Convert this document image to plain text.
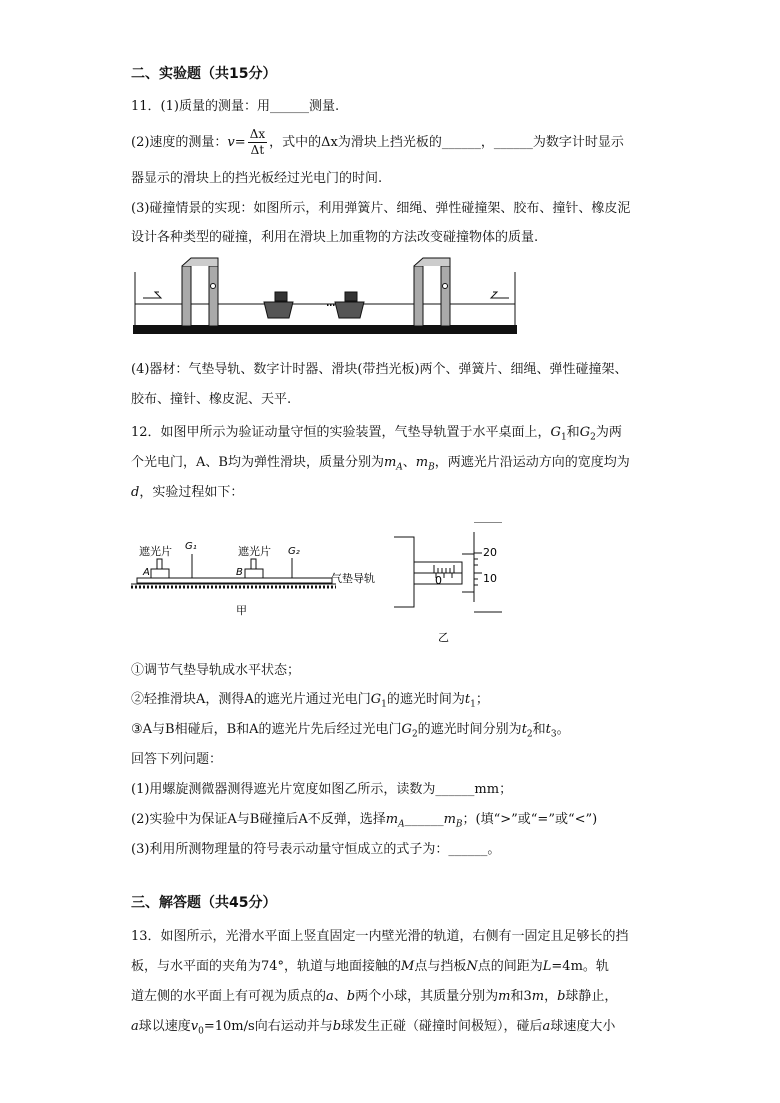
二、实验题（共15分）
11．(1)质量的测量：用______测量.
(2)速度的测量：$v= \frac{\Delta x}{\Delta t}$ ，式中的Δx为滑块上挡光板的______，______为数字计时显示
器显示的滑块上的挡光板经过光电门的时间.
(3)碰撞情景的实现：如图所示，利用弹簧片、细绳、弹性碰撞架、胶布、撞针、橡皮泥
设计各种类型的碰撞，利用在滑块上加重物的方法改变碰撞物体的质量.
(4)器材：气垫导轨、数字计时器、滑块(带挡光板)两个、弹簧片、细绳、弹性碰撞架、
胶布、撞针、橡皮泥、天平.
12．如图甲所示为验证动量守恒的实验装置，气垫导轨置于水平桌面上，$G_1$和$G_2$为两
个光电门，A、B均为弹性滑块，质量分别为$m_A$、$m_B$，两遮光片沿运动方向的宽度均为
d，实验过程如下：
遮光片	遮光片
G₁	G₂
A	B	气垫导轨
甲
0
20
10
乙
①调节气垫导轨成水平状态；
②轻推滑块A，测得A的遮光片通过光电门$G_1$的遮光时间为$t_1$；
③A与B相碰后，B和A的遮光片先后经过光电门$G_2$的遮光时间分别为$t_2$和$t_3$。
回答下列问题：
(1)用螺旋测微器测得遮光片宽度如图乙所示，读数为______mm；
(2)实验中为保证A与B碰撞后A不反弹，选择$m_A\_\_\_\_\_\_m_B$；(填“>”或“=”或“<”)
(3)利用所测物理量的符号表示动量守恒成立的式子为：______。
三、解答题（共45分）
13．如图所示，光滑水平面上竖直固定一内壁光滑的轨道，右侧有一固定且足够长的挡
板，与水平面的夹角为74°，轨道与地面接触的M点与挡板N点的间距为L=4m。轨
道左侧的水平面上有可视为质点的a、b两个小球，其质量分别为m和3m，b球静止，
a球以速度$v_0=10m/s$向右运动并与b球发生正碰（碰撞时间极短），碰后a球速度大小
